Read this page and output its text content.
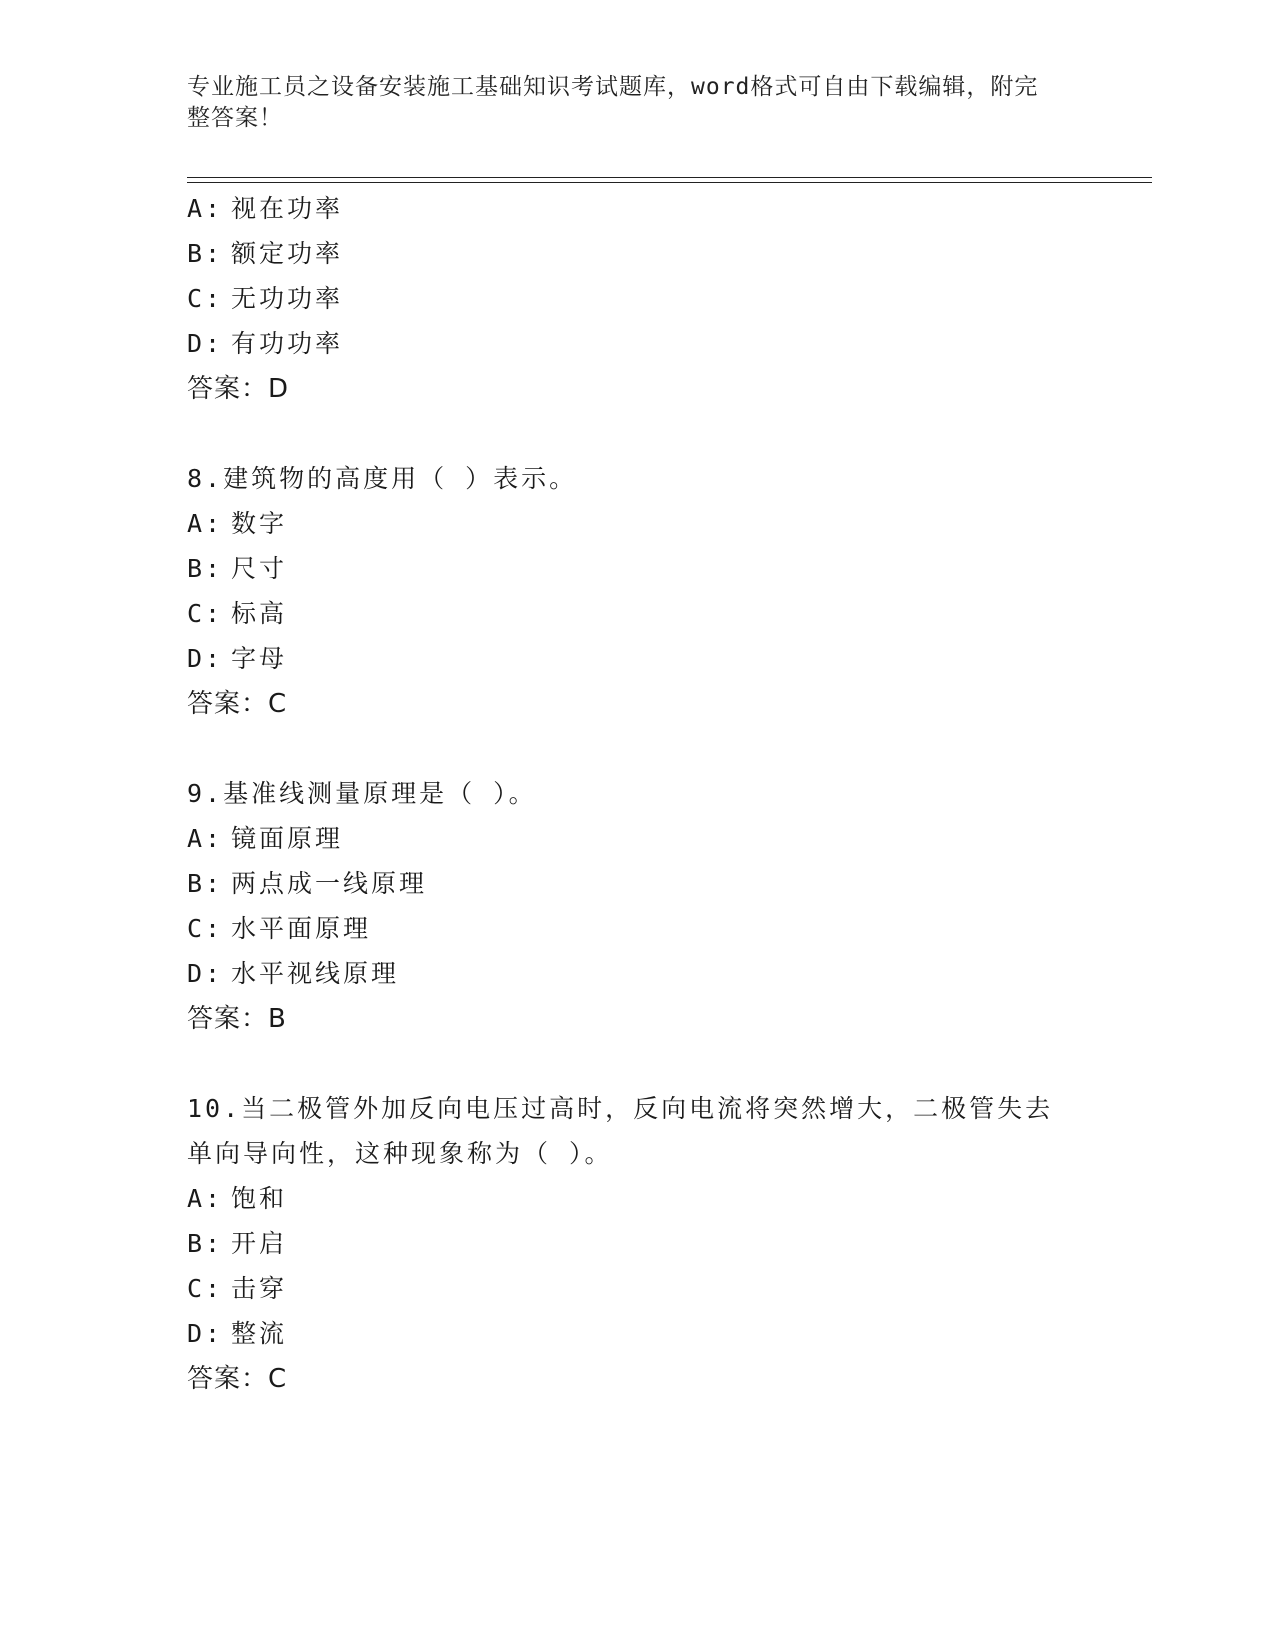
专业施工员之设备安装施工基础知识考试题库，word格式可自由下载编辑，附完
整答案！
A: 视在功率
B: 额定功率
C: 无功功率
D: 有功功率
答案：D
8.建筑物的高度用（ ）表示。
A: 数字
B: 尺寸
C: 标高
D: 字母
答案：C
9.基准线测量原理是（ ）。
A: 镜面原理
B: 两点成一线原理
C: 水平面原理
D: 水平视线原理
答案：B
10.当二极管外加反向电压过高时，反向电流将突然增大，二极管失去
单向导向性，这种现象称为（ ）。
A: 饱和
B: 开启
C: 击穿
D: 整流
答案：C
